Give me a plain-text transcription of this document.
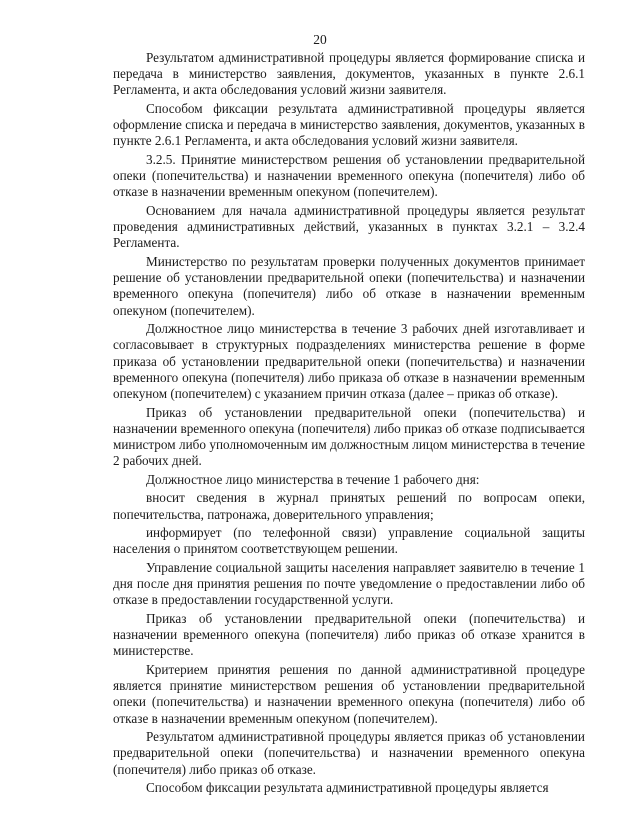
20

Результатом административной процедуры является формирование списка и передача в министерство заявления, документов, указанных в пункте 2.6.1 Регламента, и акта обследования условий жизни заявителя.

Способом фиксации результата административной процедуры является оформление списка и передача в министерство заявления, документов, указанных в пункте 2.6.1 Регламента, и акта обследования условий жизни заявителя.

3.2.5. Принятие министерством решения об установлении предварительной опеки (попечительства) и назначении временного опекуна (попечителя) либо об отказе в назначении временным опекуном (попечителем).

Основанием для начала административной процедуры является результат проведения административных действий, указанных в пунктах 3.2.1 – 3.2.4 Регламента.

Министерство по результатам проверки полученных документов принимает решение об установлении предварительной опеки (попечительства) и назначении временного опекуна (попечителя) либо об отказе в назначении временным опекуном (попечителем).

Должностное лицо министерства в течение 3 рабочих дней изготавливает и согласовывает в структурных подразделениях министерства решение в форме приказа об установлении предварительной опеки (попечительства) и назначении временного опекуна (попечителя) либо приказа об отказе в назначении временным опекуном (попечителем) с указанием причин отказа (далее – приказ об отказе).

Приказ об установлении предварительной опеки (попечительства) и назначении временного опекуна (попечителя) либо приказ об отказе подписывается министром либо уполномоченным им должностным лицом министерства в течение 2 рабочих дней.

Должностное лицо министерства в течение 1 рабочего дня:

вносит сведения в журнал принятых решений по вопросам опеки, попечительства, патронажа, доверительного управления;

информирует (по телефонной связи) управление социальной защиты населения о принятом соответствующем решении.

Управление социальной защиты населения направляет заявителю в течение 1 дня после дня принятия решения по почте уведомление о предоставлении либо об отказе в предоставлении государственной услуги.

Приказ об установлении предварительной опеки (попечительства) и назначении временного опекуна (попечителя) либо приказ об отказе хранится в министерстве.

Критерием принятия решения по данной административной процедуре является принятие министерством решения об установлении предварительной опеки (попечительства) и назначении временного опекуна (попечителя) либо об отказе в назначении временным опекуном (попечителем).

Результатом административной процедуры является приказ об установлении предварительной опеки (попечительства) и назначении временного опекуна (попечителя) либо приказ об отказе.

Способом фиксации результата административной процедуры является
